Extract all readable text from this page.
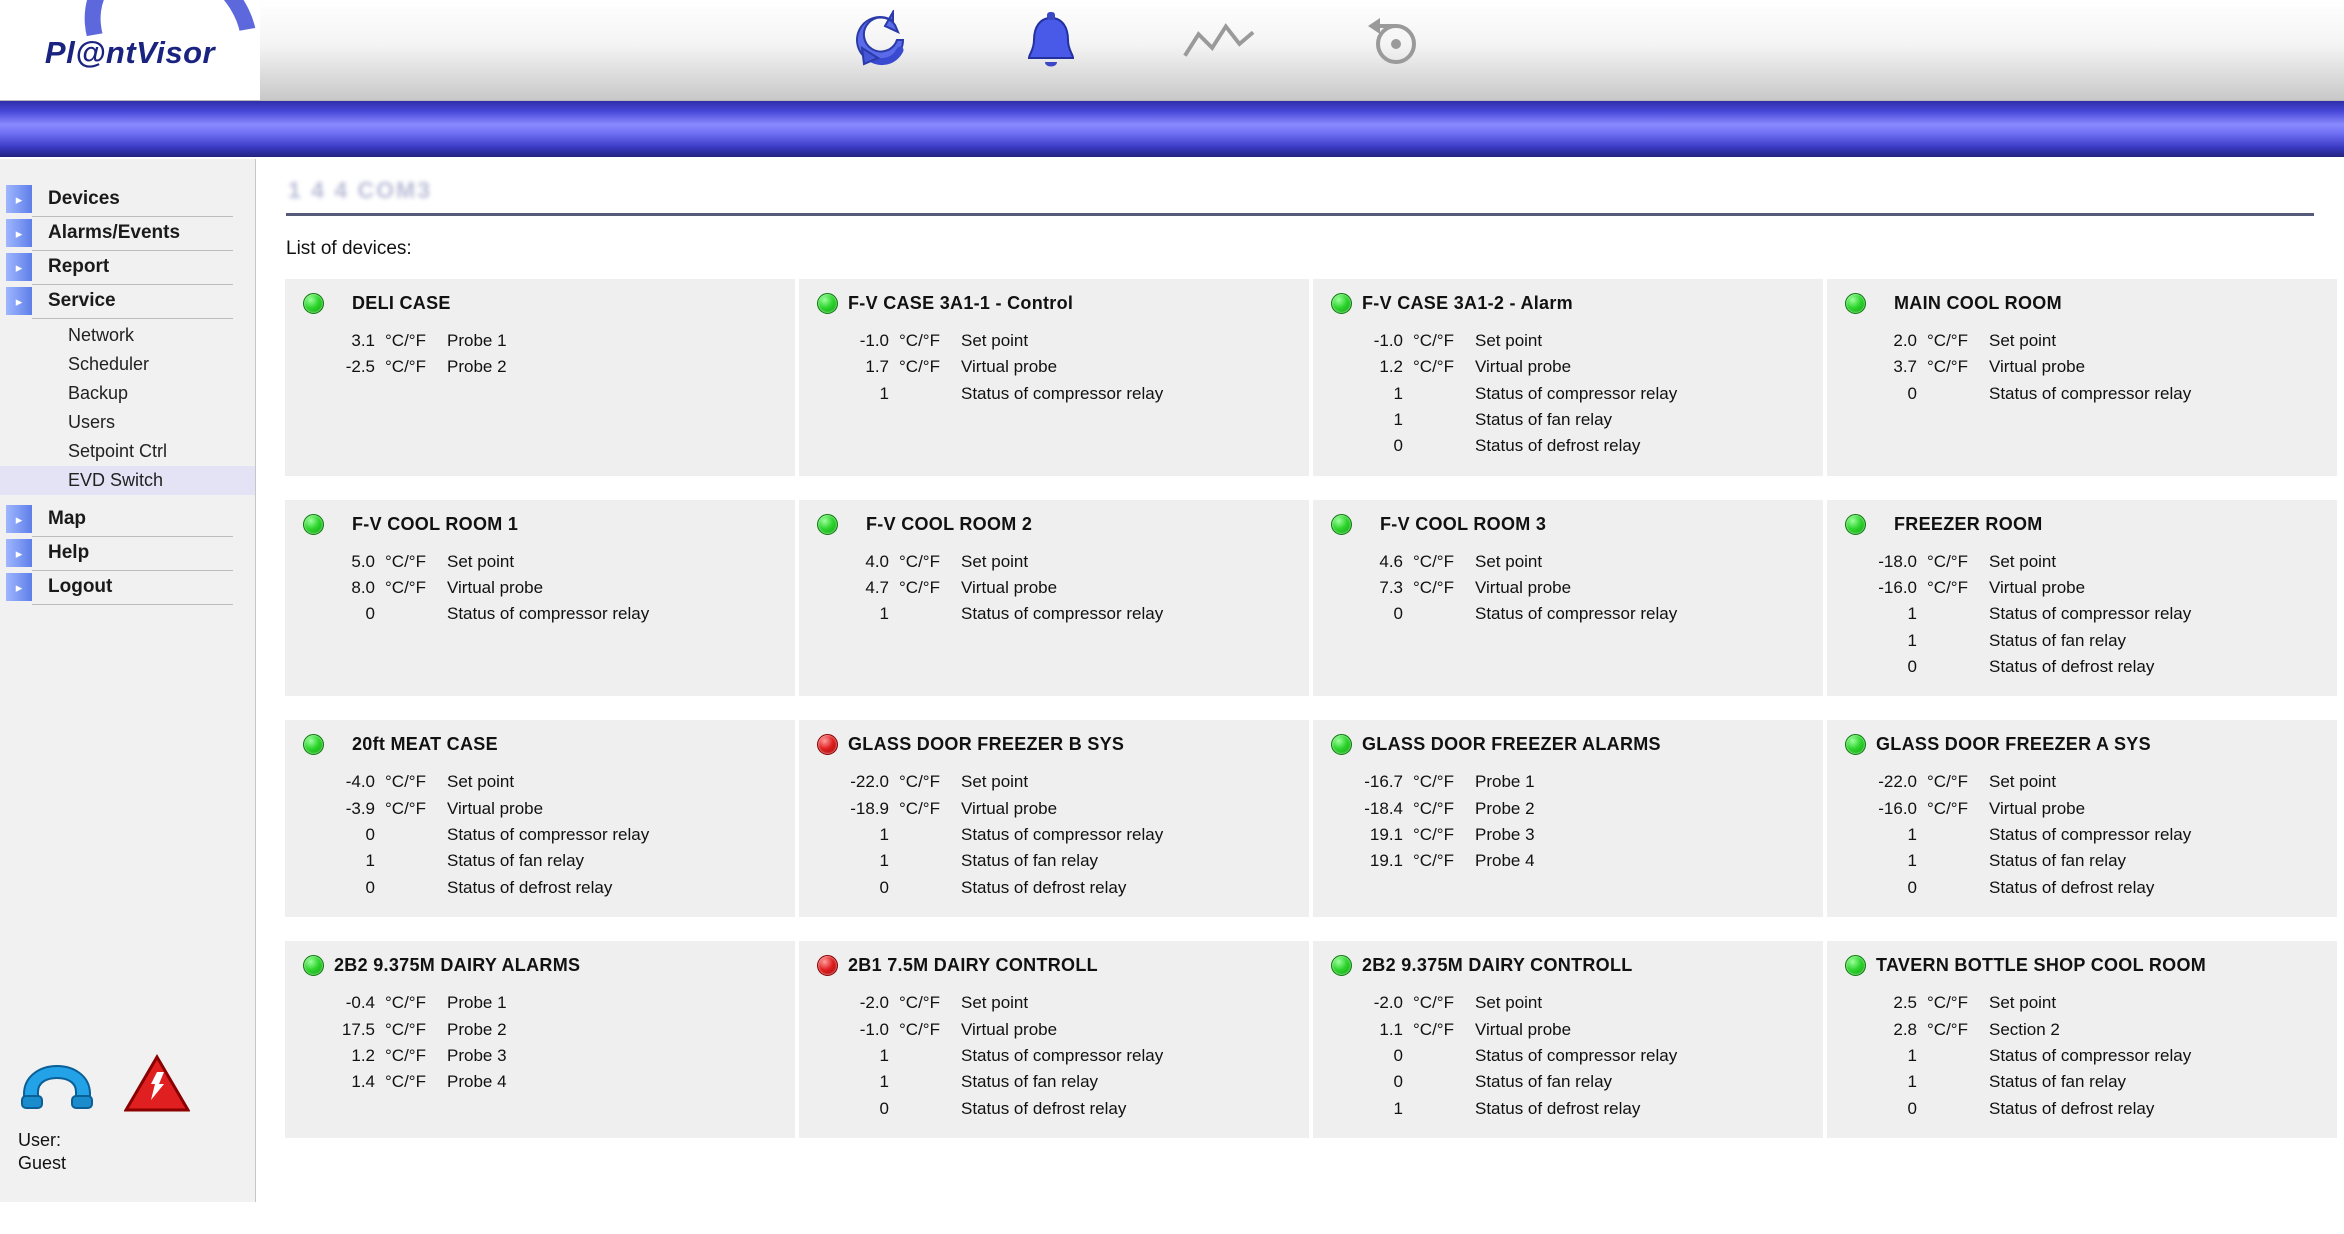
Pl@ntVisor
▸	Devices
▸	Alarms/Events
▸	Report
▸	Service
Network
Scheduler
Backup
Users
Setpoint Ctrl
EVD Switch
▸	Map
▸	Help
▸	Logout
User:
Guest
1 4 4 COM3
List of devices:
DELI CASE
3.1 °C/°F	Probe 1
-2.5 °C/°F	Probe 2
F-V CASE 3A1-1 - Control
-1.0 °C/°F	Set point
1.7 °C/°F	Virtual probe
1	Status of compressor relay
F-V CASE 3A1-2 - Alarm
-1.0 °C/°F	Set point
1.2 °C/°F	Virtual probe
1	Status of compressor relay
1	Status of fan relay
0	Status of defrost relay
MAIN COOL ROOM
2.0 °C/°F	Set point
3.7 °C/°F	Virtual probe
0	Status of compressor relay
F-V COOL ROOM 1
5.0 °C/°F	Set point
8.0 °C/°F	Virtual probe
0	Status of compressor relay
F-V COOL ROOM 2
4.0 °C/°F	Set point
4.7 °C/°F	Virtual probe
1	Status of compressor relay
F-V COOL ROOM 3
4.6 °C/°F	Set point
7.3 °C/°F	Virtual probe
0	Status of compressor relay
FREEZER ROOM
-18.0 °C/°F	Set point
-16.0 °C/°F	Virtual probe
1	Status of compressor relay
1	Status of fan relay
0	Status of defrost relay
20ft MEAT CASE
-4.0 °C/°F	Set point
-3.9 °C/°F	Virtual probe
0	Status of compressor relay
1	Status of fan relay
0	Status of defrost relay
GLASS DOOR FREEZER B SYS
-22.0 °C/°F	Set point
-18.9 °C/°F	Virtual probe
1	Status of compressor relay
1	Status of fan relay
0	Status of defrost relay
GLASS DOOR FREEZER ALARMS
-16.7 °C/°F	Probe 1
-18.4 °C/°F	Probe 2
19.1 °C/°F	Probe 3
19.1 °C/°F	Probe 4
GLASS DOOR FREEZER A SYS
-22.0 °C/°F	Set point
-16.0 °C/°F	Virtual probe
1	Status of compressor relay
1	Status of fan relay
0	Status of defrost relay
2B2 9.375M DAIRY ALARMS
-0.4 °C/°F	Probe 1
17.5 °C/°F	Probe 2
1.2 °C/°F	Probe 3
1.4 °C/°F	Probe 4
2B1 7.5M DAIRY CONTROLL
-2.0 °C/°F	Set point
-1.0 °C/°F	Virtual probe
1	Status of compressor relay
1	Status of fan relay
0	Status of defrost relay
2B2 9.375M DAIRY CONTROLL
-2.0 °C/°F	Set point
1.1 °C/°F	Virtual probe
0	Status of compressor relay
0	Status of fan relay
1	Status of defrost relay
TAVERN BOTTLE SHOP COOL ROOM
2.5 °C/°F	Set point
2.8 °C/°F	Section 2
1	Status of compressor relay
1	Status of fan relay
0	Status of defrost relay
